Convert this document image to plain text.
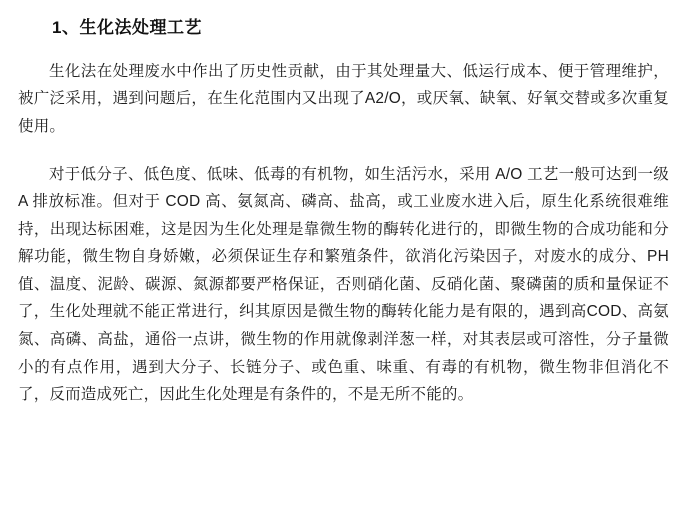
1、生化法处理工艺

生化法在处理废水中作出了历史性贡献，由于其处理量大、低运行成本、便于管理维护，被广泛采用，遇到问题后，在生化范围内又出现了A2/O，或厌氧、缺氧、好氧交替或多次重复使用。

对于低分子、低色度、低味、低毒的有机物，如生活污水，采用 A/O 工艺一般可达到一级 A 排放标准。但对于 COD 高、氨氮高、磷高、盐高，或工业废水进入后，原生化系统很难维持，出现达标困难，这是因为生化处理是靠微生物的酶转化进行的，即微生物的合成功能和分解功能，微生物自身娇嫩，必须保证生存和繁殖条件，欲消化污染因子，对废水的成分、PH值、温度、泥龄、碳源、氮源都要严格保证，否则硝化菌、反硝化菌、聚磷菌的质和量保证不了，生化处理就不能正常进行，纠其原因是微生物的酶转化能力是有限的，遇到高COD、高氨氮、高磷、高盐，通俗一点讲，微生物的作用就像剥洋葱一样，对其表层或可溶性，分子量微小的有点作用，遇到大分子、长链分子、或色重、味重、有毒的有机物，微生物非但消化不了，反而造成死亡，因此生化处理是有条件的，不是无所不能的。
